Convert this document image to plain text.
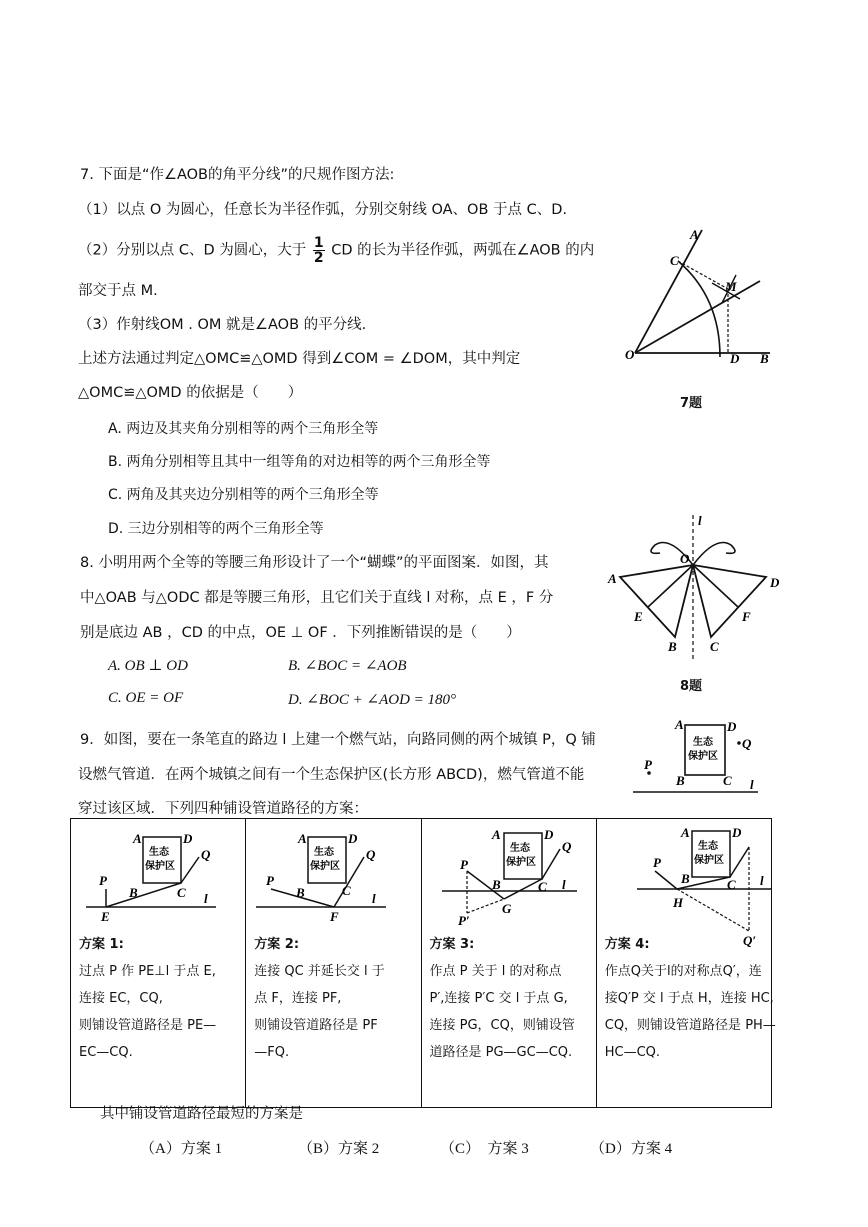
7. 下面是“作∠AOB的角平分线”的尺规作图方法:
（1）以点 O 为圆心，任意长为半径作弧，分别交射线 OA、OB 于点 C、D.
（2）分别以点 C、D 为圆心，大于 $\frac{1}{2}$ CD 的长为半径作弧，两弧在∠AOB 的内
部交于点 M.
（3）作射线OM . OM 就是∠AOB 的平分线.
上述方法通过判定△OMC≌△OMD 得到∠COM = ∠DOM，其中判定
△OMC≌△OMD 的依据是（　　）
A. 两边及其夹角分别相等的两个三角形全等
B. 两角分别相等且其中一组等角的对边相等的两个三角形全等
C. 两角及其夹边分别相等的两个三角形全等
D. 三边分别相等的两个三角形全等
A
C
M
O	D B
7题
8. 小明用两个全等的等腰三角形设计了一个“蝴蝶”的平面图案．如图，其
中△OAB 与△ODC 都是等腰三角形，且它们关于直线 l 对称，点 E ，F 分
别是底边 AB ，CD 的中点，OE ⊥ OF ．下列推断错误的是（　　）
A. OB ⊥ OD	B. ∠BOC = ∠AOB
C. OE = OF	D. ∠BOC + ∠AOD = 180°
l
O
A	D
E	F
B	C
8题
9．如图，要在一条笔直的路边 l 上建一个燃气站，向路同侧的两个城镇 P，Q 铺
设燃气管道．在两个城镇之间有一个生态保护区(长方形 ABCD)，燃气管道不能
穿过该区域．下列四种铺设管道路径的方案：
生态
保护区
A	D
Q
P
B	C l
生态
保护区
A	D
Q
P
B	C l
E
方案 1:
过点 P 作 PE⊥l 于点 E,
连接 EC，CQ,
则铺设管道路径是 PE—
EC—CQ.

生态
保护区
A	D
Q
P
B	C
l
F
方案 2:
连接 QC 并延长交 l 于
点 F，连接 PF,
则铺设管道路径是 PF
—FQ.

生态
保护区
A	D
Q
P
B	C l
G
P′
方案 3:
作点 P 关于 l 的对称点
P′,连接 P′C 交 l 于点 G,
连接 PG，CQ，则铺设管
道路径是 PG—GC—CQ.

生态
保护区
A	D
P
B	C l
H
Q′
方案 4:
作点Q关于l的对称点Q′，连
接Q′P 交 l 于点 H，连接 HC,
CQ，则铺设管道路径是 PH—
HC—CQ.
其中铺设管道路径最短的方案是
（A）方案 1	（B）方案 2	（C）　方案 3	（D）方案 4
